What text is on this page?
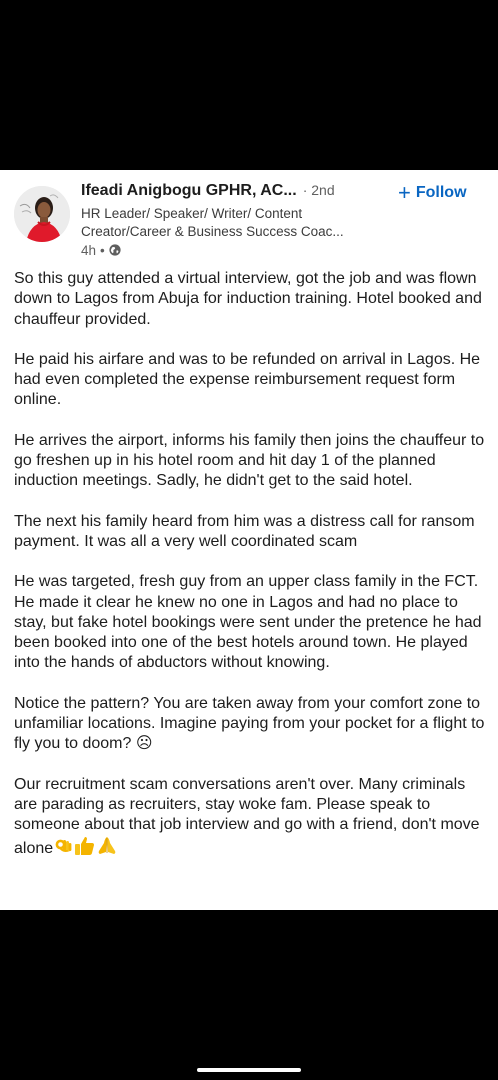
Ifeadi Anigbogu GPHR, AC... · 2nd	+ Follow
HR Leader/ Speaker/ Writer/ Content
Creator/Career & Business Success Coac...
4h •

So this guy attended a virtual interview, got the job and was flown down to Lagos from Abuja for induction training. Hotel booked and chauffeur provided.

He paid his airfare and was to be refunded on arrival in Lagos. He had even completed the expense reimbursement request form online.

He arrives the airport, informs his family then joins the chauffeur to go freshen up in his hotel room and hit day 1 of the planned induction meetings. Sadly, he didn't get to the said hotel.

The next his family heard from him was a distress call for ransom payment. It was all a very well coordinated scam

He was targeted, fresh guy from an upper class family in the FCT. He made it clear he knew no one in Lagos and had no place to stay, but fake hotel bookings were sent under the pretence he had been booked into one of the best hotels around town. He played into the hands of abductors without knowing.

Notice the pattern? You are taken away from your comfort zone to unfamiliar locations. Imagine paying from your pocket for a flight to fly you to doom? ☹

Our recruitment scam conversations aren't over. Many criminals are parading as recruiters, stay woke fam. Please speak to someone about that job interview and go with a friend, don't move alone
